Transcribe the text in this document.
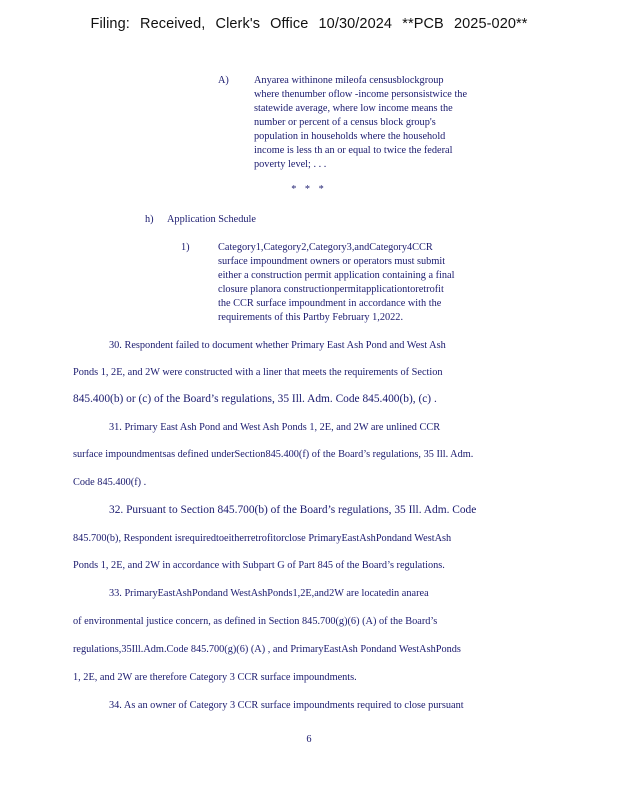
Filing: Received, Clerk's Office 10/30/2024 **PCB 2025-020**
A) Anyarea withinone mileofa censusblockgroup
where thenumber oflow -income personsistwice the
statewide average, where low income means the
number or percent of a census block group's
population in households where the household
income is less th an or equal to twice the federal
poverty level; . . .
* * *
h) Application Schedule
1)	Category1,Category2,Category3,andCategory4CCR
surface impoundment owners or operators must submit
either a construction permit application containing a final
closure planora constructionpermitapplicationtoretrofit
the CCR surface impoundment in accordance with the
requirements of this Partby February 1,2022.
30. Respondent failed to document whether Primary East Ash Pond and West Ash
Ponds 1, 2E, and 2W were constructed with a liner that meets the requirements of Section
845.400(b) or (c) of the Board’s regulations, 35 Ill. Adm. Code 845.400(b), (c) .
31. Primary East Ash Pond and West Ash Ponds 1, 2E, and 2W are unlined CCR
surface impoundmentsas defined underSection845.400(f) of the Board’s regulations, 35 Ill. Adm.
Code 845.400(f) .
32. Pursuant to Section 845.700(b) of the Board’s regulations, 35 Ill. Adm. Code
845.700(b), Respondent isrequiredtoeitherretrofitorclose PrimaryEastAshPondand WestAsh
Ponds 1, 2E, and 2W in accordance with Subpart G of Part 845 of the Board’s regulations.
33. PrimaryEastAshPondand WestAshPonds1,2E,and2W are locatedin anarea
of environmental justice concern, as defined in Section 845.700(g)(6) (A) of the Board’s
regulations,35Ill.Adm.Code 845.700(g)(6) (A) , and PrimaryEastAsh Pondand WestAshPonds
1, 2E, and 2W are therefore Category 3 CCR surface impoundments.
34. As an owner of Category 3 CCR surface impoundments required to close pursuant
6
